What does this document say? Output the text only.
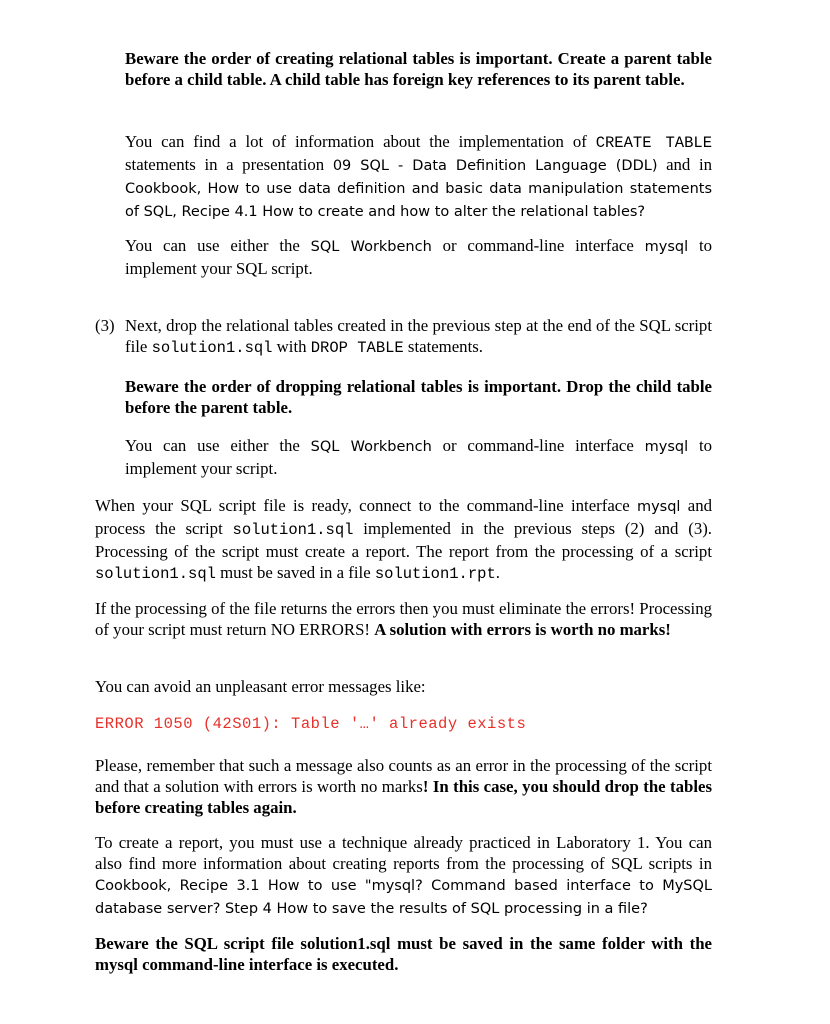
Beware the order of creating relational tables is important. Create a parent table before a child table. A child table has foreign key references to its parent table.
You can find a lot of information about the implementation of CREATE TABLE statements in a presentation 09 SQL - Data Definition Language (DDL) and in Cookbook, How to use data definition and basic data manipulation statements of SQL, Recipe 4.1 How to create and how to alter the relational tables?
You can use either the SQL Workbench or command-line interface mysql to implement your SQL script.
(3) Next, drop the relational tables created in the previous step at the end of the SQL script file solution1.sql with DROP TABLE statements.
Beware the order of dropping relational tables is important. Drop the child table before the parent table.
You can use either the SQL Workbench or command-line interface mysql to implement your script.
When your SQL script file is ready, connect to the command-line interface mysql and process the script solution1.sql implemented in the previous steps (2) and (3). Processing of the script must create a report. The report from the processing of a script solution1.sql must be saved in a file solution1.rpt.
If the processing of the file returns the errors then you must eliminate the errors! Processing of your script must return NO ERRORS! A solution with errors is worth no marks!
You can avoid an unpleasant error messages like:
ERROR 1050 (42S01): Table '…' already exists
Please, remember that such a message also counts as an error in the processing of the script and that a solution with errors is worth no marks! In this case, you should drop the tables before creating tables again.
To create a report, you must use a technique already practiced in Laboratory 1. You can also find more information about creating reports from the processing of SQL scripts in Cookbook, Recipe 3.1 How to use "mysql? Command based interface to MySQL database server? Step 4 How to save the results of SQL processing in a file?
Beware the SQL script file solution1.sql must be saved in the same folder with the mysql command-line interface is executed.
